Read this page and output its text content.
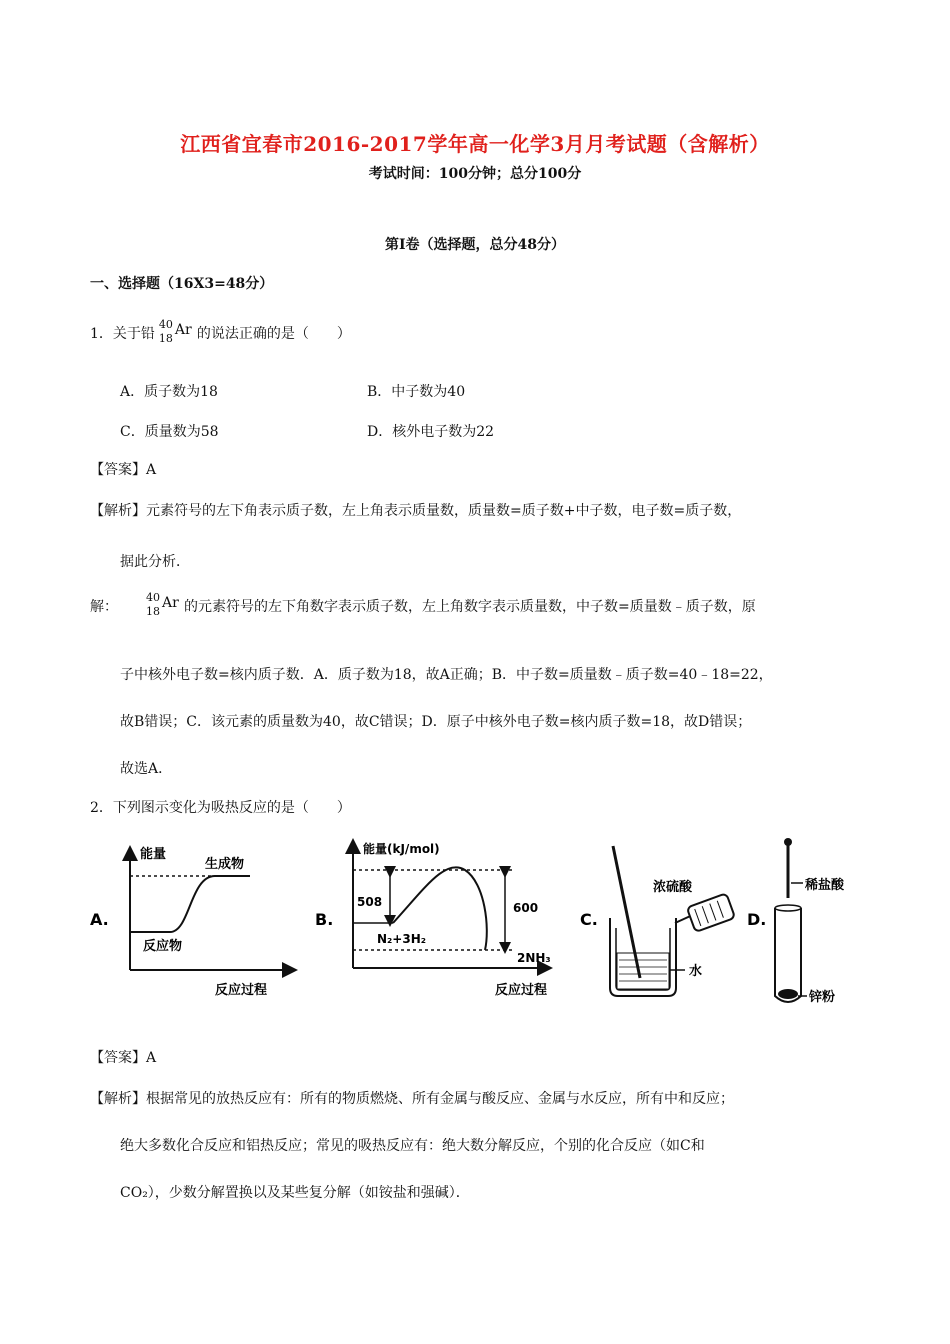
江西省宜春市2016-2017学年高一化学3月月考试题（含解析）
考试时间：100分钟；总分100分
第I卷（选择题，总分48分）
一、选择题（16X3=48分）
1．关于铅
40
18
Ar 的说法正确的是（　　）
A．质子数为18	B．中子数为40
C．质量数为58	D．核外电子数为22
【答案】A
【解析】元素符号的左下角表示质子数，左上角表示质量数，质量数=质子数+中子数，电子数=质子数，
据此分析．
解：
40
18
Ar 的元素符号的左下角数字表示质子数，左上角数字表示质量数，中子数=质量数﹣质子数，原
子中核外电子数=核内质子数．A．质子数为18，故A正确；B．中子数=质量数﹣质子数=40﹣18=22，
故B错误；C．该元素的质量数为40，故C错误；D．原子中核外电子数=核内质子数=18，故D错误；
故选A．
2．下列图示变化为吸热反应的是（　　）
A.
能量
生成物
反应物
反应过程
B.
能量(kJ/mol)
508	600
N₂+3H₂
2NH₃
反应过程
C.
浓硫酸
水
D.
稀盐酸
锌粉
【答案】A
【解析】根据常见的放热反应有：所有的物质燃烧、所有金属与酸反应、金属与水反应，所有中和反应；
绝大多数化合反应和铝热反应；常见的吸热反应有：绝大数分解反应，个别的化合反应（如C和
CO₂），少数分解置换以及某些复分解（如铵盐和强碱）．
